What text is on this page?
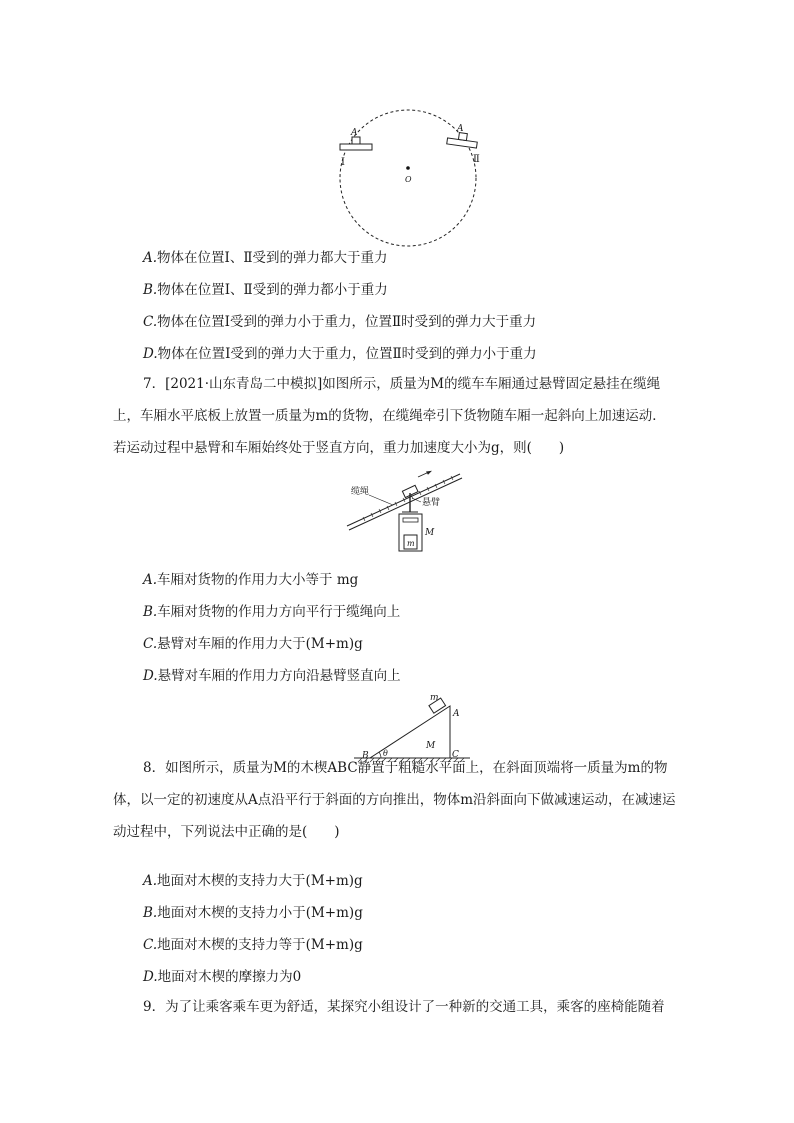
A	A
Ⅰ	Ⅱ
O
A.物体在位置Ⅰ、Ⅱ受到的弹力都大于重力
B.物体在位置Ⅰ、Ⅱ受到的弹力都小于重力
C.物体在位置Ⅰ受到的弹力小于重力，位置Ⅱ时受到的弹力大于重力
D.物体在位置Ⅰ受到的弹力大于重力，位置Ⅱ时受到的弹力小于重力
7．[2021·山东青岛二中模拟]如图所示，质量为M的缆车车厢通过悬臂固定悬挂在缆绳上，车厢水平底板上放置一质量为m的货物，在缆绳牵引下货物随车厢一起斜向上加速运动．若运动过程中悬臂和车厢始终处于竖直方向，重力加速度大小为g，则(　　)
缆绳
悬臂
M
m
A.车厢对货物的作用力大小等于 mg
B.车厢对货物的作用力方向平行于缆绳向上
C.悬臂对车厢的作用力大于(M+m)g
D.悬臂对车厢的作用力方向沿悬臂竖直向上
m
A
B	C
M
θ
8．如图所示，质量为M的木楔ABC静置于粗糙水平面上，在斜面顶端将一质量为m的物体，以一定的初速度从A点沿平行于斜面的方向推出，物体m沿斜面向下做减速运动，在减速运动过程中，下列说法中正确的是(　　)
A.地面对木楔的支持力大于(M+m)g
B.地面对木楔的支持力小于(M+m)g
C.地面对木楔的支持力等于(M+m)g
D.地面对木楔的摩擦力为0
9．为了让乘客乘车更为舒适，某探究小组设计了一种新的交通工具，乘客的座椅能随着
